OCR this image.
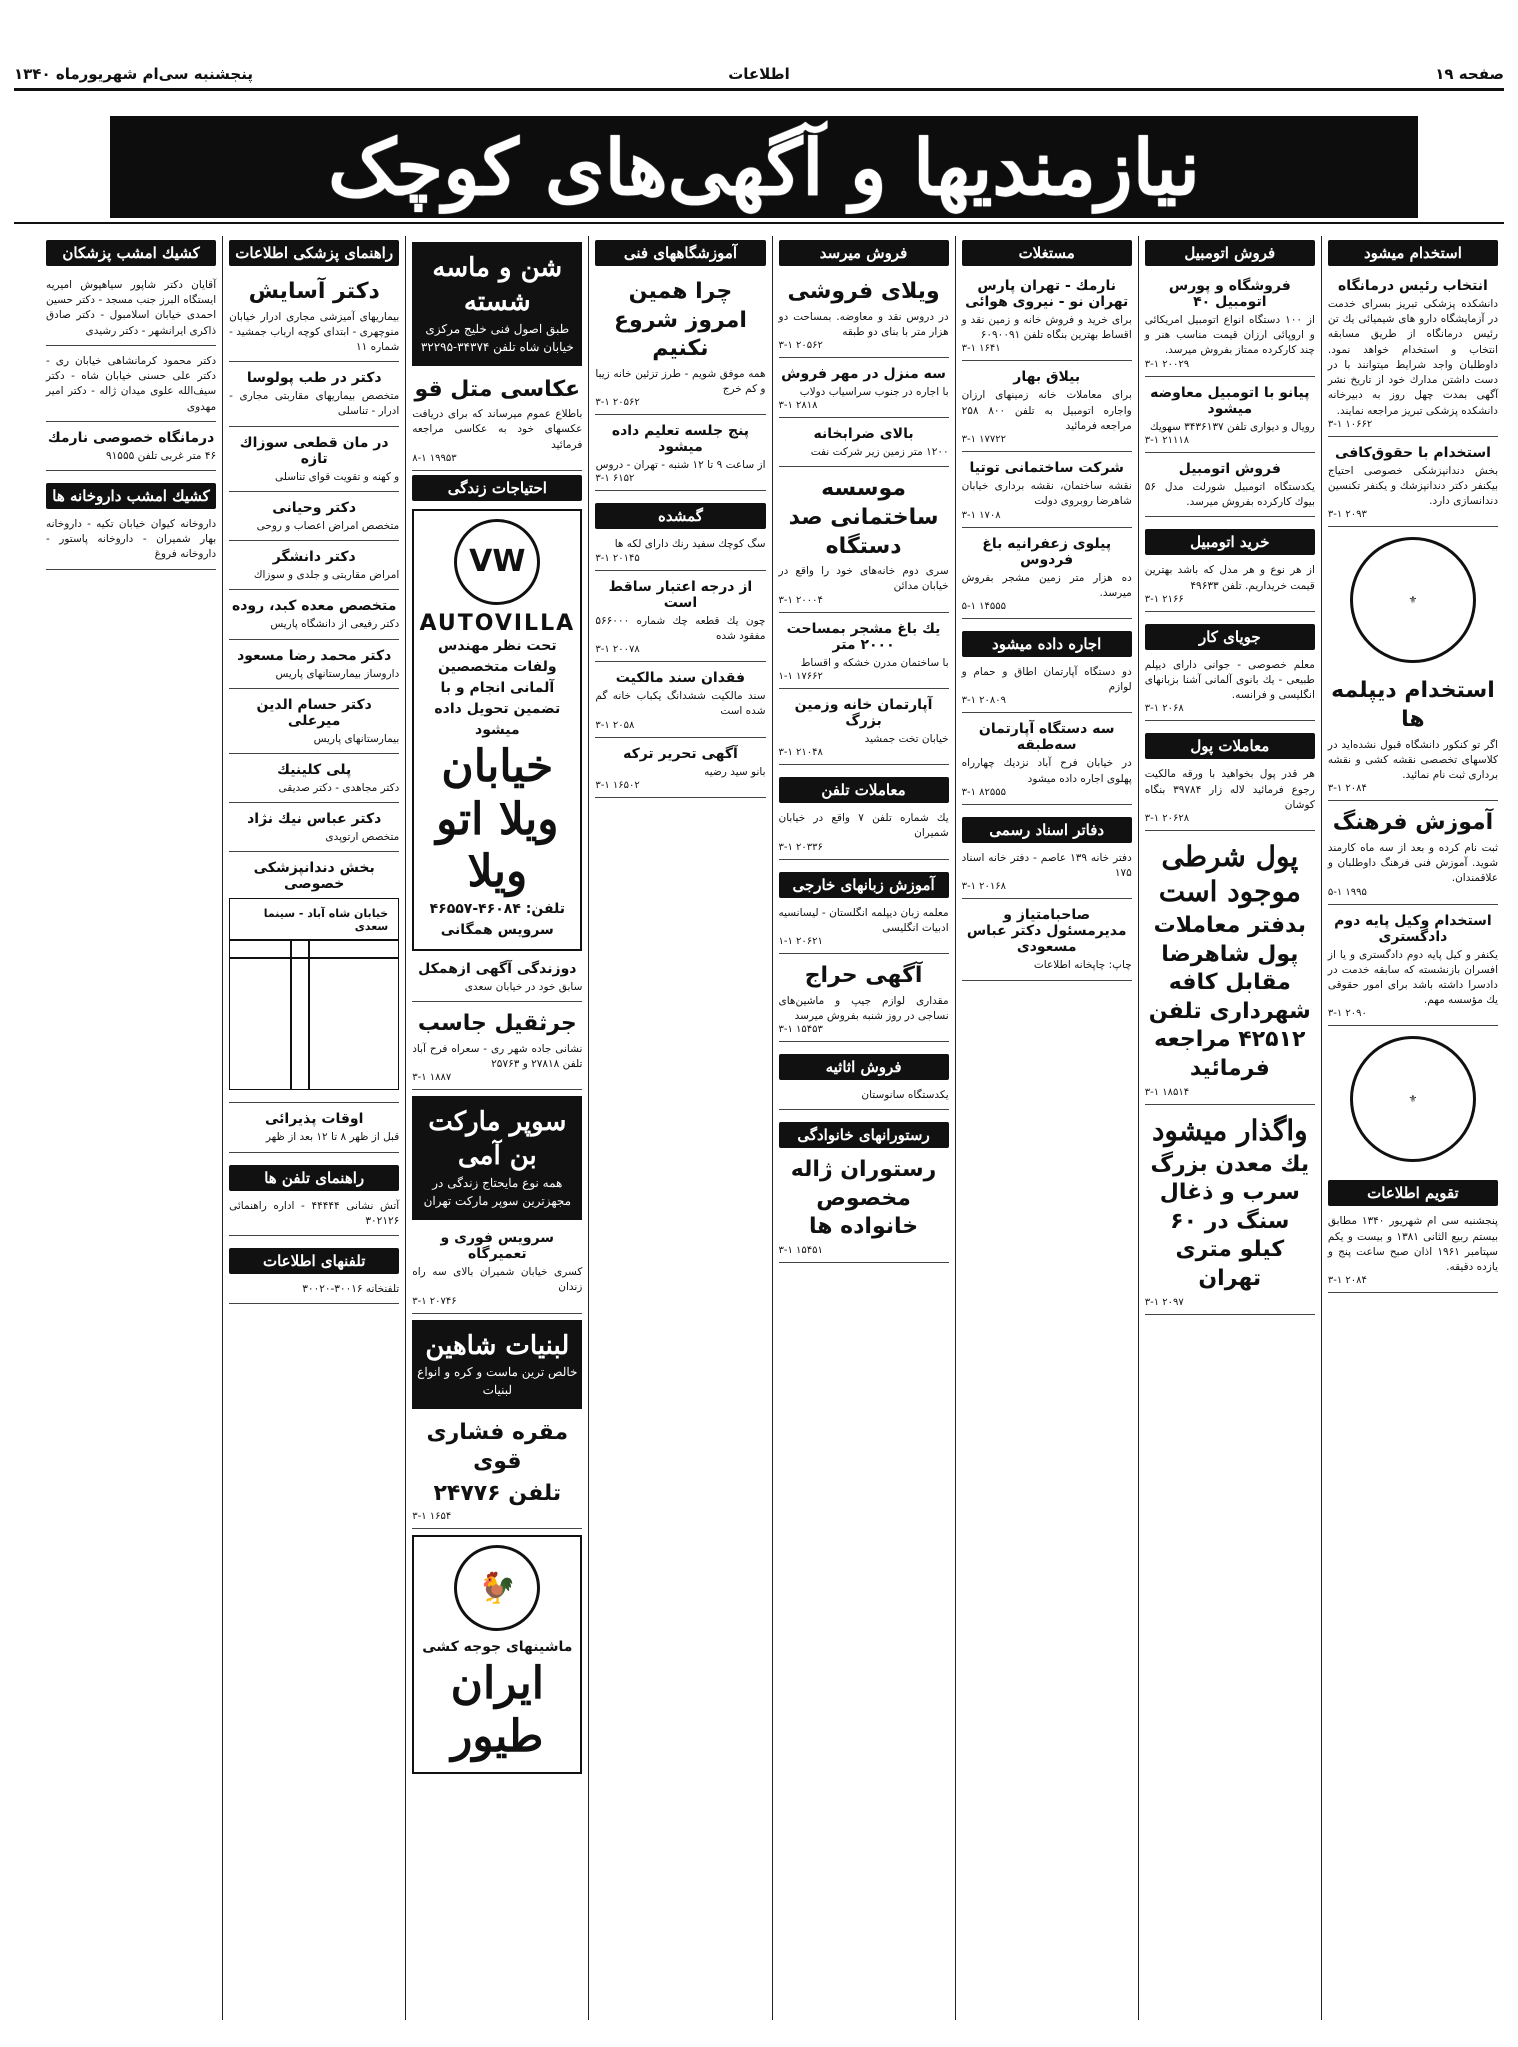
صفحه ۱۹
اطلاعات
پنجشنبه سی‌ام شهریورماه ۱۳۴۰
نیازمندیها و آگهی‌های کوچک
استخدام میشود
انتخاب رئیس درمانگاه
دانشکده پزشکی تبریز بسرای خدمت در آزمایشگاه دارو های شیمیائی یك تن رئیس درمانگاه از طریق مسابقه انتخاب و استخدام خواهد نمود. داوطلبان واجد شرایط میتوانند با در دست داشتن مدارك خود از تاریخ نشر آگهی بمدت چهل روز به دبیرخانه دانشکده پزشکی تبریز مراجعه نمایند.
۳-۱ ۱۰۶۶۲
استخدام با حقوق‌کافی
بخش دندانپزشکی خصوصی احتیاج بیکنفر دکتر دندانپزشك و یکنفر تکنسین دندانسازی دارد.
۳-۱ ۲۰۹۳
⚜
استخدام دیپلمه ها
اگر تو کنکور دانشگاه قبول نشده‌اید در کلاسهای تخصصی نقشه کشی و نقشه برداری ثبت نام نمائید.
۳-۱ ۲۰۸۴
آموزش فرهنگ
ثبت نام کرده و بعد از سه ماه کارمند شوید. آموزش فنی فرهنگ داوطلبان و علاقمندان.
۵-۱ ۱۹۹۵
استخدام وکیل پایه دوم دادگستری
یکنفر و کیل پایه دوم دادگستری و یا از افسران بازنشسته که سابقه خدمت در دادسرا داشته باشد برای امور حقوقی یك مؤسسه مهم.
۳-۱ ۲۰۹۰
⚜
تقویم اطلاعات
پنجشنبه سی ام شهریور ۱۳۴۰ مطابق بیستم ربیع الثانی ۱۳۸۱ و بیست و یکم سپتامبر ۱۹۶۱ اذان صبح ساعت پنج و یازده دقیقه.
۳-۱ ۲۰۸۴
فروش اتومبیل
فروشگاه و پورس اتومبیل ۴۰
از ۱۰۰ دستگاه انواع اتومبیل امریکائی و اروپائی ارزان قیمت مناسب هنر و چند کارکرده ممتاز بفروش میرسد.
۳-۱ ۲۰۰۲۹
پیانو با اتومبیل معاوضه میشود
رویال و دیواری تلفن ۳۴۳۶۱۳۷ سهویك
۳-۱ ۲۱۱۱۸
فروش اتومبیل
یکدستگاه اتومبیل شورلت مدل ۵۶ بیوك کارکرده بفروش میرسد.
خرید اتومبیل
از هر نوع و هر مدل که باشد بهترین قیمت خریداریم. تلفن ۴۹۶۳۳
۳-۱ ۲۱۶۶
جویای کار
معلم خصوصی - جوانی دارای دیپلم طبیعی - یك بانوی آلمانی آشنا بزبانهای انگلیسی و فرانسه.
۳-۱ ۲۰۶۸
معاملات پول
هر قدر پول بخواهید با ورقه مالکیت رجوع فرمائید لاله زار ۳۹۷۸۴ بنگاه کوشان
۳-۱ ۲۰۶۲۸
پول شرطی موجود است
بدفتر معاملات پول شاهرضا مقابل کافه شهرداری تلفن ۴۲۵۱۲ مراجعه فرمائید
۳-۱ ۱۸۵۱۴
واگذار میشود
یك معدن بزرگ سرب و ذغال سنگ در ۶۰ کیلو متری تهران
۳-۱ ۲۰۹۷
مستغلات
نارمك - تهران پارس تهران نو - نیروی هوائی
برای خرید و فروش خانه و زمین نقد و اقساط بهترین بنگاه تلفن ۶۰۹۰۰۹۱
۳-۱ ۱۶۴۱
بیلاق بهار
برای معاملات خانه زمینهای ارزان واجاره اتومبیل به تلفن ۸۰۰ ۲۵۸ مراجعه فرمائید
۳-۱ ۱۷۷۲۲
شرکت ساختمانی توتیا
نقشه ساختمان، نقشه برداری خیابان شاهرضا روبروی دولت
۳-۱ ۱۷۰۸
پیلوی زعفرانیه باغ فردوس
ده هزار متر زمین مشجر بفروش میرسد.
۵-۱ ۱۴۵۵۵
اجاره داده میشود
دو دستگاه آپارتمان اطاق و حمام و لوازم
۳-۱ ۲۰۸۰۹
سه دستگاه آپارتمان سه‌طبقه
در خیابان فرح آباد نزدیك چهارراه پهلوی اجاره داده میشود
۳-۱ ۸۲۵۵۵
دفاتر اسناد رسمی
دفتر خانه ۱۳۹ عاصم - دفتر خانه اسناد ۱۷۵
۳-۱ ۲۰۱۶۸
صاحبامتیاز و مدیرمسئول دکتر عباس مسعودی
چاپ: چاپخانه اطلاعات
فروش میرسد
ویلای فروشی
در دروس نقد و معاوضه. بمساحت دو هزار متر با بنای دو طبقه
۳-۱ ۲۰۵۶۲
سه منزل در مهر فروش
با اجاره در جنوب سراسیاب دولاب
۳-۱ ۲۸۱۸
بالای ضرابخانه
۱۲۰۰ متر زمین زیر شرکت نفت
موسسه ساختمانی صد دستگاه
سری دوم خانه‌های خود را واقع در خیابان مدائن
۳-۱ ۲۰۰۰۴
یك باغ مشجر بمساحت ۲۰۰۰ متر
با ساختمان مدرن خشکه و اقساط
۱-۱ ۱۷۶۶۲
آپارتمان خانه وزمین بزرگ
خیابان تخت جمشید
۳-۱ ۲۱۰۴۸
معاملات تلفن
یك شماره تلفن ۷ واقع در خیابان شمیران
۳-۱ ۲۰۳۳۶
آموزش زبانهای خارجی
معلمه زبان دیپلمه انگلستان - لیسانسیه ادبیات انگلیسی
۱-۱ ۲۰۶۲۱
آگهی حراج
مقداری لوازم جیپ و ماشین‌های نساجی در روز شنبه بفروش میرسد
۳-۱ ۱۵۴۵۳
فروش اثاثیه
یکدستگاه سانوستان
رستورانهای خانوادگی
رستوران ژاله مخصوص خانواده ها
۳-۱ ۱۵۴۵۱
آموزشگاههای فنی
چرا همین امروز شروع نکنیم
همه موفق شویم - طرز تزئین خانه زیبا و کم خرج
۳-۱ ۲۰۵۶۲
پنج جلسه تعلیم داده میشود
از ساعت ۹ تا ۱۲ شنبه - تهران - دروس
۳-۱ ۶۱۵۲
گمشده
سگ کوچك سفید رنك دارای لکه ها
۳-۱ ۲۰۱۴۵
از درجه اعتبار ساقط است
چون یك قطعه چك شماره ۵۶۶۰۰۰ مفقود شده
۳-۱ ۲۰۰۷۸
فقدان سند مالکیت
سند مالکیت ششدانگ یکباب خانه گم شده است
۳-۱ ۲۰۵۸
آگهی تحریر ترکه
بانو سید رضیه
۳-۱ ۱۶۵۰۲
شن و ماسه شسته
طبق اصول فنی خلیج مرکزی خیابان شاه تلفن ۳۴۳۷۴-۳۲۲۹۵
عکاسی متل قو
باطلاع عموم میرساند که برای دریافت عکسهای خود به عکاسی مراجعه فرمائید
۸-۱ ۱۹۹۵۳
احتیاجات زندگی
VW
AUTOVILLA
تحت نظر مهندس ولفات متخصصین آلمانی انجام و با تضمین تحویل داده میشود
خیابان ویلا اتو ویلا
تلفن: ۴۶۰۸۴-۴۶۵۵۷ سرویس همگانی
دوزندگی آگهی ازهمکل
سابق خود در خیابان سعدی
جرثقیل جاسب
نشانی جاده شهر ری - سعراه فرح آباد تلفن ۲۷۸۱۸ و ۲۵۷۶۳
۳-۱ ۱۸۸۷
سوپر مارکت بن آمی
همه نوع مایحتاج زندگی در مجهزترین سوپر مارکت تهران
سرویس فوری و تعمیرگاه
کسری خیابان شمیران بالای سه راه زندان
۳-۱ ۲۰۷۴۶
لبنیات شاهین
خالص ترین ماست و کره و انواع لبنیات
مقره فشاری قوی
تلفن ۲۴۷۷۶
۳-۱ ۱۶۵۴
🐓
ماشینهای جوجه کشی
ایران طیور
راهنمای پزشکی اطلاعات
دکتر آسایش
بیماریهای آمیزشی مجاری ادرار خیابان منوچهری - ابتدای کوچه ارباب جمشید - شماره ۱۱
دکتر در طب پولوسا
متخصص بیماریهای مقاربتی مجاری - ادرار - تناسلی
در مان قطعی سوزاك تازه
و کهنه و تقویت قوای تناسلی
دکتر وحیانی
متخصص امراض اعصاب و روحی
دکتر دانشگر
امراض مقاربتی و جلدی و سوزاك
متخصص معده کبد، روده
دکتر رفیعی از دانشگاه پاریس
دکتر محمد رضا مسعود
داروساز بیمارستانهای پاریس
دکتر حسام الدین میرعلی
بیمارستانهای پاریس
پلی کلینیك
دکتر مجاهدی - دکتر صدیقی
دکتر عباس نیك نژاد
متخصص ارتوپدی
بخش دندانپزشکی خصوصی
خیابان شاه آباد - سینما سعدی
اوقات پذیرائی
قبل از ظهر ۸ تا ۱۲ بعد از ظهر
راهنمای تلفن ها
آتش نشانی ۴۴۴۴۴ - اداره راهنمائی ۳۰۲۱۲۶
تلفنهای اطلاعات
تلفنخانه ۳۰۰۱۶-۳۰۰۲۰
کشیك امشب پزشکان
آقایان دکتر شاپور سیاهپوش امیریه ایستگاه البرز جنب مسجد - دکتر حسین احمدی خیابان اسلامبول - دکتر صادق ذاکری ایرانشهر - دکتر رشیدی
دکتر محمود کرمانشاهی خیابان ری - دکتر علی حسنی خیابان شاه - دکتر سیف‌الله علوی میدان ژاله - دکتر امیر مهدوی
درمانگاه خصوصی نارمك
۴۶ متر غربی تلفن ۹۱۵۵۵
کشیك امشب داروخانه ها
داروخانه کیوان خیابان تکیه - داروخانه بهار شمیران - داروخانه پاستور - داروخانه فروغ
